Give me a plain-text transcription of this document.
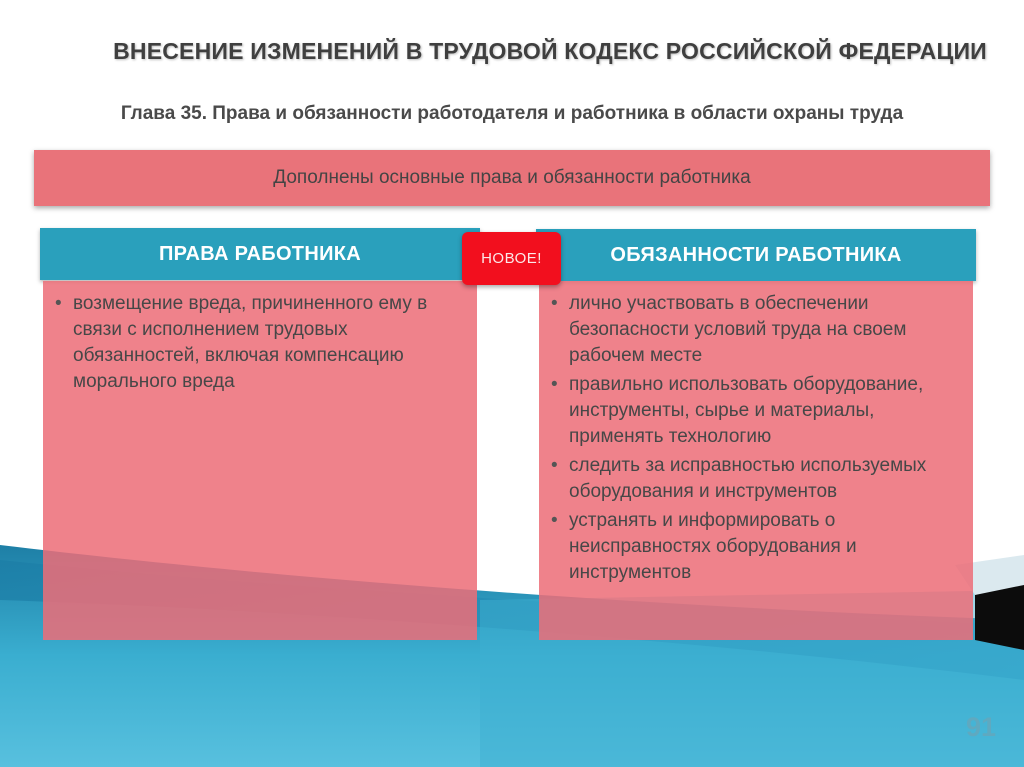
ВНЕСЕНИЕ ИЗМЕНЕНИЙ В ТРУДОВОЙ КОДЕКС РОССИЙСКОЙ ФЕДЕРАЦИИ
Глава 35. Права и обязанности работодателя и работника в области охраны труда
Дополнены основные права и обязанности работника
ПРАВА РАБОТНИКА
• возмещение вреда, причиненного ему в связи с исполнением трудовых обязанностей, включая компенсацию морального вреда
ОБЯЗАННОСТИ РАБОТНИКА
• лично участвовать в обеспечении безопасности условий труда на своем рабочем месте
• правильно использовать оборудование, инструменты, сырье и материалы, применять технологию
• следить за исправностью используемых оборудования и инструментов
• устранять и информировать о неисправностях оборудования и инструментов
НОВОЕ!
91
